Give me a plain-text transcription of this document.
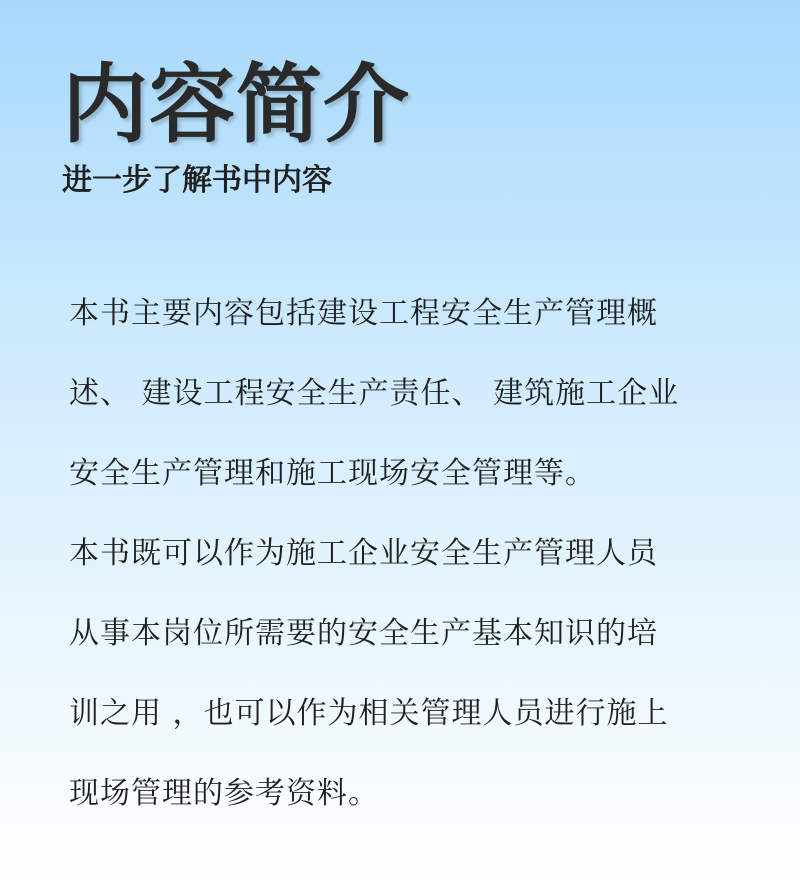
内容简介
进一步了解书中内容
本书主要内容包括建设工程安全生产管理概
述、 建设工程安全生产责任、 建筑施工企业
安全生产管理和施工现场安全管理等。
本书既可以作为施工企业安全生产管理人员
从事本岗位所需要的安全生产基本知识的培
训之用 ，也可以作为相关管理人员进行施上
现场管理的参考资料。
